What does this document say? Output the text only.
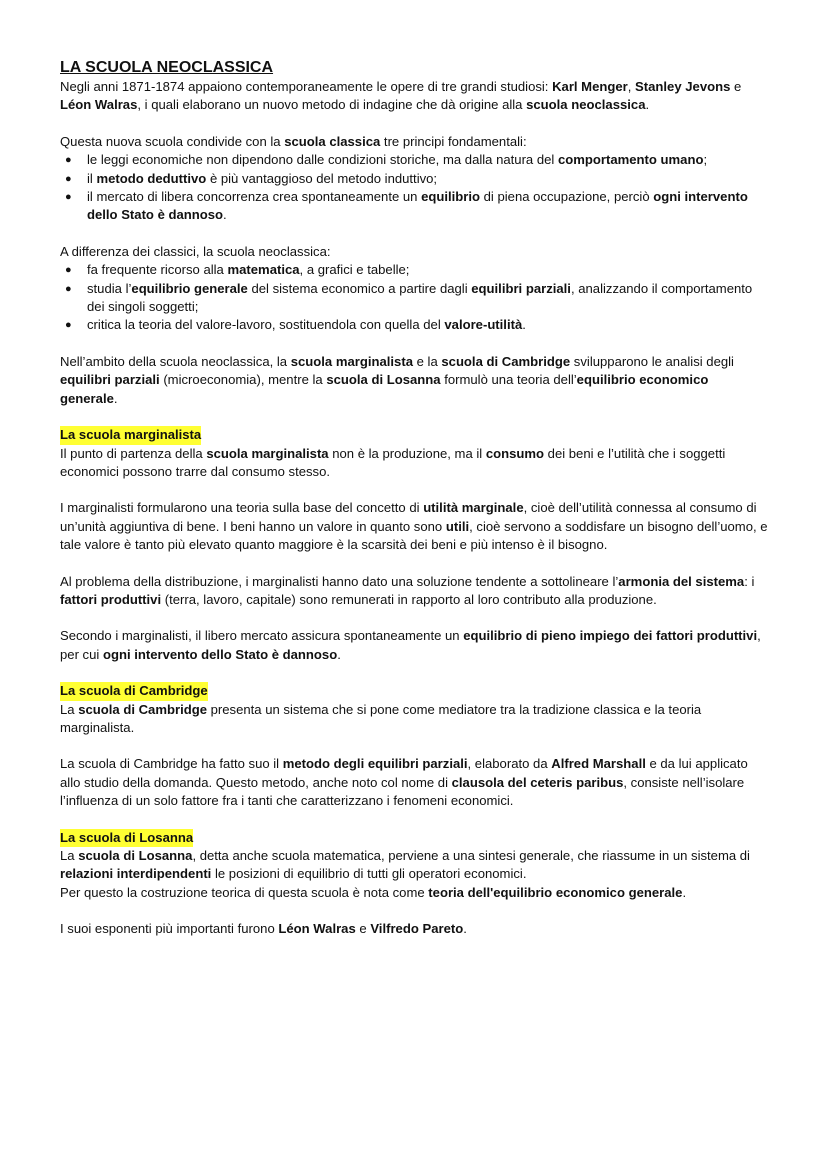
LA SCUOLA NEOCLASSICA

Negli anni 1871-1874 appaiono contemporaneamente le opere di tre grandi studiosi: Karl Menger, Stanley Jevons e Léon Walras, i quali elaborano un nuovo metodo di indagine che dà origine alla scuola neoclassica.

Questa nuova scuola condivide con la scuola classica tre principi fondamentali:

● le leggi economiche non dipendono dalle condizioni storiche, ma dalla natura del comportamento umano;
● il metodo deduttivo è più vantaggioso del metodo induttivo;
● il mercato di libera concorrenza crea spontaneamente un equilibrio di piena occupazione, perciò ogni intervento dello Stato è dannoso.

A differenza dei classici, la scuola neoclassica:

● fa frequente ricorso alla matematica, a grafici e tabelle;
● studia l’equilibrio generale del sistema economico a partire dagli equilibri parziali, analizzando il comportamento dei singoli soggetti;
● critica la teoria del valore-lavoro, sostituendola con quella del valore-utilità.

Nell’ambito della scuola neoclassica, la scuola marginalista e la scuola di Cambridge svilupparono le analisi degli equilibri parziali (microeconomia), mentre la scuola di Losanna formulò una teoria dell’equilibrio economico generale.

La scuola marginalista

Il punto di partenza della scuola marginalista non è la produzione, ma il consumo dei beni e l’utilità che i soggetti economici possono trarre dal consumo stesso.

I marginalisti formularono una teoria sulla base del concetto di utilità marginale, cioè dell’utilità connessa al consumo di un’unità aggiuntiva di bene. I beni hanno un valore in quanto sono utili, cioè servono a soddisfare un bisogno dell’uomo, e tale valore è tanto più elevato quanto maggiore è la scarsità dei beni e più intenso è il bisogno.

Al problema della distribuzione, i marginalisti hanno dato una soluzione tendente a sottolineare l’armonia del sistema: i fattori produttivi (terra, lavoro, capitale) sono remunerati in rapporto al loro contributo alla produzione.

Secondo i marginalisti, il libero mercato assicura spontaneamente un equilibrio di pieno impiego dei fattori produttivi, per cui ogni intervento dello Stato è dannoso.

La scuola di Cambridge

La scuola di Cambridge presenta un sistema che si pone come mediatore tra la tradizione classica e la teoria marginalista.

La scuola di Cambridge ha fatto suo il metodo degli equilibri parziali, elaborato da Alfred Marshall e da lui applicato allo studio della domanda. Questo metodo, anche noto col nome di clausola del ceteris paribus, consiste nell’isolare l’influenza di un solo fattore fra i tanti che caratterizzano i fenomeni economici.

La scuola di Losanna

La scuola di Losanna, detta anche scuola matematica, perviene a una sintesi generale, che riassume in un sistema di relazioni interdipendenti le posizioni di equilibrio di tutti gli operatori economici.

Per questo la costruzione teorica di questa scuola è nota come teoria dell'equilibrio economico generale.

I suoi esponenti più importanti furono Léon Walras e Vilfredo Pareto.
